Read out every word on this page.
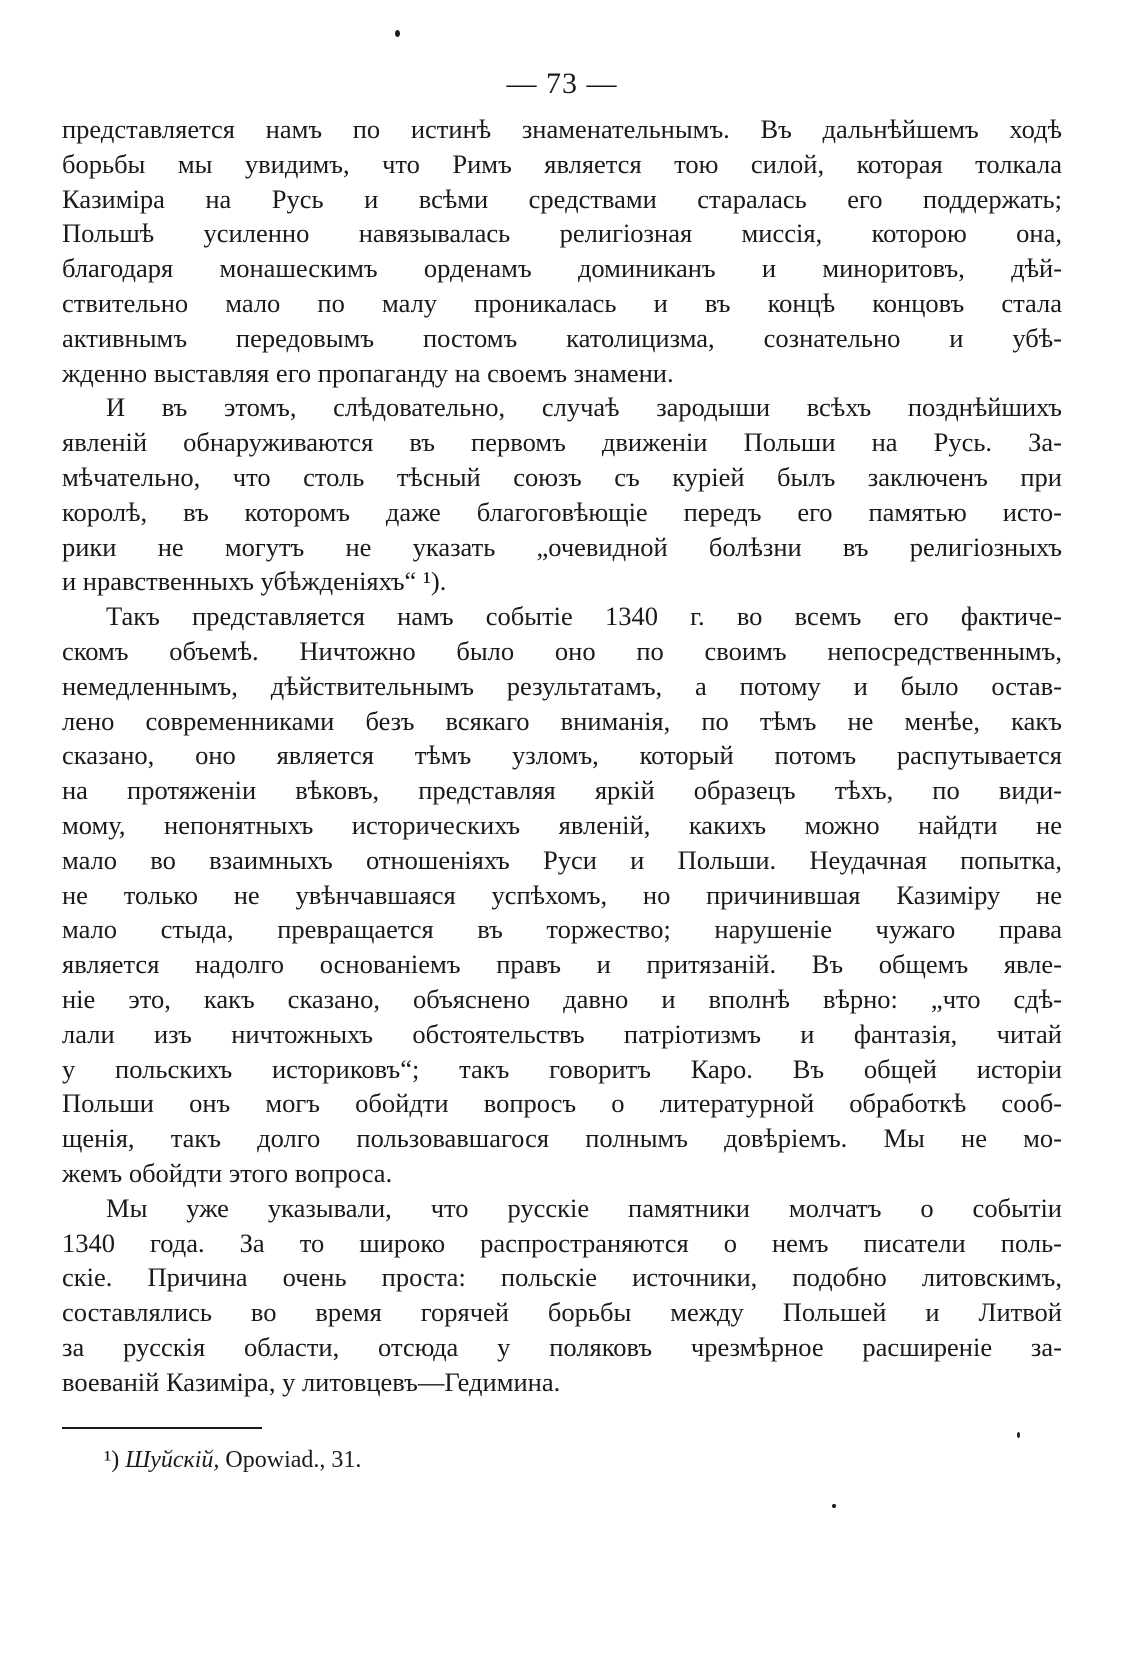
— 73 —
представляется намъ по истинѣ знаменательнымъ. Въ дальнѣйшемъ ходѣ
борьбы мы увидимъ, что Римъ является тою силой, которая толкала
Казиміра на Русь и всѣми средствами старалась его поддержать;
Польшѣ усиленно навязывалась религіозная миссія, которою она,
благодаря монашескимъ орденамъ доминиканъ и миноритовъ, дѣй-
ствительно мало по малу проникалась и въ концѣ концовъ стала
активнымъ передовымъ постомъ католицизма, сознательно и убѣ-
жденно выставляя его пропаганду на своемъ знамени.
И въ этомъ, слѣдовательно, случаѣ зародыши всѣхъ позднѣйшихъ
явленій обнаруживаются въ первомъ движеніи Польши на Русь. За-
мѣчательно, что столь тѣсный союзъ съ куріей былъ заключенъ при
королѣ, въ которомъ даже благоговѣющіе передъ его памятью исто-
рики не могутъ не указать „очевидной болѣзни въ религіозныхъ
и нравственныхъ убѣжденіяхъ“ ¹).
Такъ представляется намъ событіе 1340 г. во всемъ его фактиче-
скомъ объемѣ. Ничтожно было оно по своимъ непосредственнымъ,
немедленнымъ, дѣйствительнымъ результатамъ, а потому и было остав-
лено современниками безъ всякаго вниманія, по тѣмъ не менѣе, какъ
сказано, оно является тѣмъ узломъ, который потомъ распутывается
на протяженіи вѣковъ, представляя яркій образецъ тѣхъ, по види-
мому, непонятныхъ историческихъ явленій, какихъ можно найдти не
мало во взаимныхъ отношеніяхъ Руси и Польши. Неудачная попытка,
не только не увѣнчавшаяся успѣхомъ, но причинившая Казиміру не
мало стыда, превращается въ торжество; нарушеніе чужаго права
является надолго основаніемъ правъ и притязаній. Въ общемъ явле-
ніе это, какъ сказано, объяснено давно и вполнѣ вѣрно: „что сдѣ-
лали изъ ничтожныхъ обстоятельствъ патріотизмъ и фантазія, читай
у польскихъ историковъ“; такъ говоритъ Каро. Въ общей исторіи
Польши онъ могъ обойдти вопросъ о литературной обработкѣ сооб-
щенія, такъ долго пользовавшагося полнымъ довѣріемъ. Мы не мо-
жемъ обойдти этого вопроса.
Мы уже указывали, что русскіе памятники молчатъ о событіи
1340 года. За то широко распространяются о немъ писатели поль-
скіе. Причина очень проста: польскіе источники, подобно литовскимъ,
составлялись во время горячей борьбы между Польшей и Литвой
за русскія области, отсюда у поляковъ чрезмѣрное расширеніе за-
воеваній Казиміра, у литовцевъ—Гедимина.
¹) Шуйскій, Opowiad., 31.
